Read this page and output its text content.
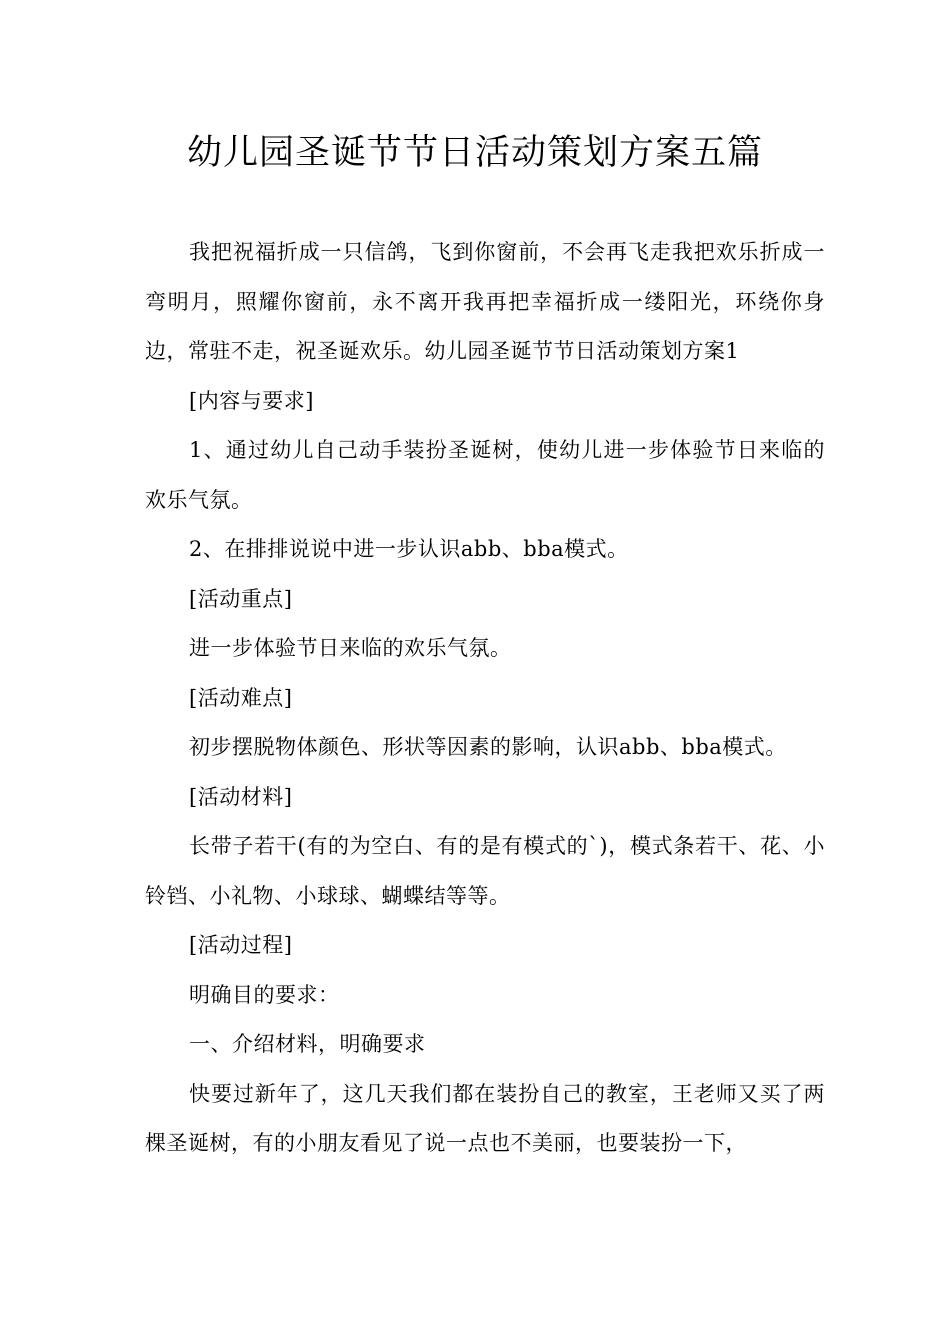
幼儿园圣诞节节日活动策划方案五篇

我把祝福折成一只信鸽，飞到你窗前，不会再飞走我把欢乐折成一弯明月，照耀你窗前，永不离开我再把幸福折成一缕阳光，环绕你身边，常驻不走，祝圣诞欢乐。幼儿园圣诞节节日活动策划方案1

[内容与要求]

1、通过幼儿自己动手装扮圣诞树，使幼儿进一步体验节日来临的欢乐气氛。

2、在排排说说中进一步认识abb、bba模式。

[活动重点]

进一步体验节日来临的欢乐气氛。

[活动难点]

初步摆脱物体颜色、形状等因素的影响，认识abb、bba模式。

[活动材料]

长带子若干(有的为空白、有的是有模式的`)，模式条若干、花、小铃铛、小礼物、小球球、蝴蝶结等等。

[活动过程]

明确目的要求：

一、介绍材料，明确要求

快要过新年了，这几天我们都在装扮自己的教室，王老师又买了两棵圣诞树，有的小朋友看见了说一点也不美丽，也要装扮一下，
